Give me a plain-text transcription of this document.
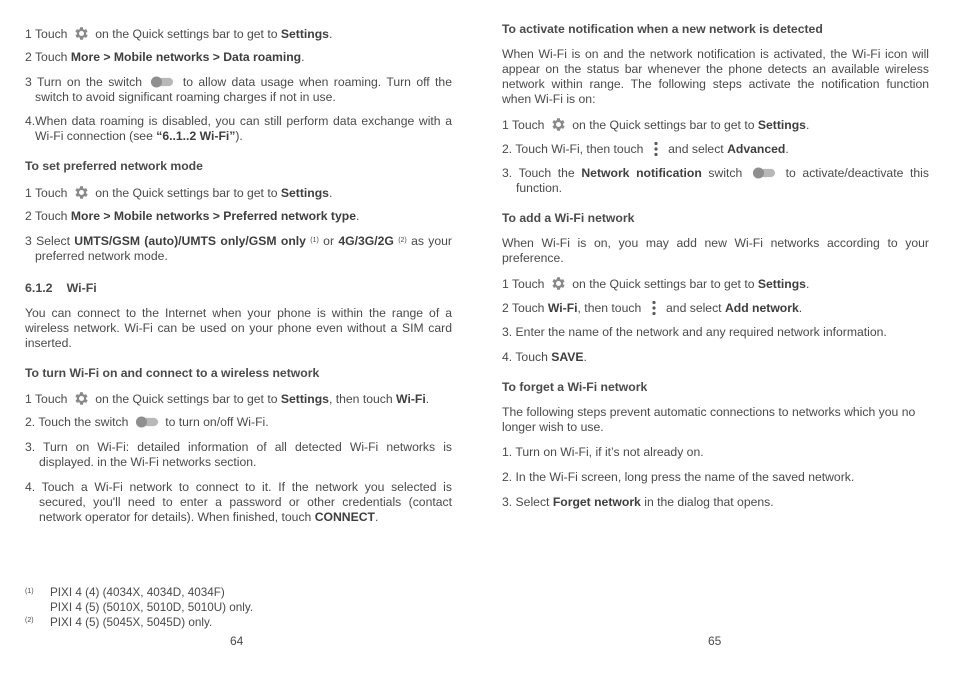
1 Touch  on the Quick settings bar to get to Settings.

2 Touch More > Mobile networks > Data roaming.

3 Turn on the switch  to allow data usage when roaming. Turn off the switch to avoid significant roaming charges if not in use.

4.When data roaming is disabled, you can still perform data exchange with a Wi-Fi connection (see “6..1..2 Wi-Fi”).

To set preferred network mode

1 Touch  on the Quick settings bar to get to Settings.

2 Touch More > Mobile networks > Preferred network type.

3 Select UMTS/GSM (auto)/UMTS only/GSM only $^{(1)}$ or 4G/3G/2G $^{(2)}$ as your preferred network mode.

6.1.2 Wi-Fi

You can connect to the Internet when your phone is within the range of a wireless network. Wi-Fi can be used on your phone even without a SIM card inserted.

To turn Wi-Fi on and connect to a wireless network

1 Touch  on the Quick settings bar to get to Settings, then touch Wi-Fi.

2. Touch the switch  to turn on/off Wi-Fi.

3. Turn on Wi-Fi: detailed information of all detected Wi-Fi networks is displayed. in the Wi-Fi networks section.

4. Touch a Wi-Fi network to connect to it. If the network you selected is secured, you'll need to enter a password or other credentials (contact network operator for details). When finished, touch CONNECT.

(1) PIXI 4 (4) (4034X, 4034D, 4034F)
PIXI 4 (5) (5010X, 5010D, 5010U) only.
(2) PIXI 4 (5) (5045X, 5045D) only.
64

To activate notification when a new network is detected

When Wi-Fi is on and the network notification is activated, the Wi-Fi icon will appear on the status bar whenever the phone detects an available wireless network within range. The following steps activate the notification function when Wi-Fi is on:

1 Touch  on the Quick settings bar to get to Settings.

2. Touch Wi-Fi, then touch  and select Advanced.

3. Touch the Network notification switch  to activate/deactivate this function.

To add a Wi-Fi network

When Wi-Fi is on, you may add new Wi-Fi networks according to your preference.

1 Touch  on the Quick settings bar to get to Settings.

2 Touch Wi-Fi, then touch  and select Add network.

3. Enter the name of the network and any required network information.

4. Touch SAVE.

To forget a Wi-Fi network

The following steps prevent automatic connections to networks which you no longer wish to use.

1. Turn on Wi-Fi, if it’s not already on.

2. In the Wi-Fi screen, long press the name of the saved network.

3. Select Forget network in the dialog that opens.

65
